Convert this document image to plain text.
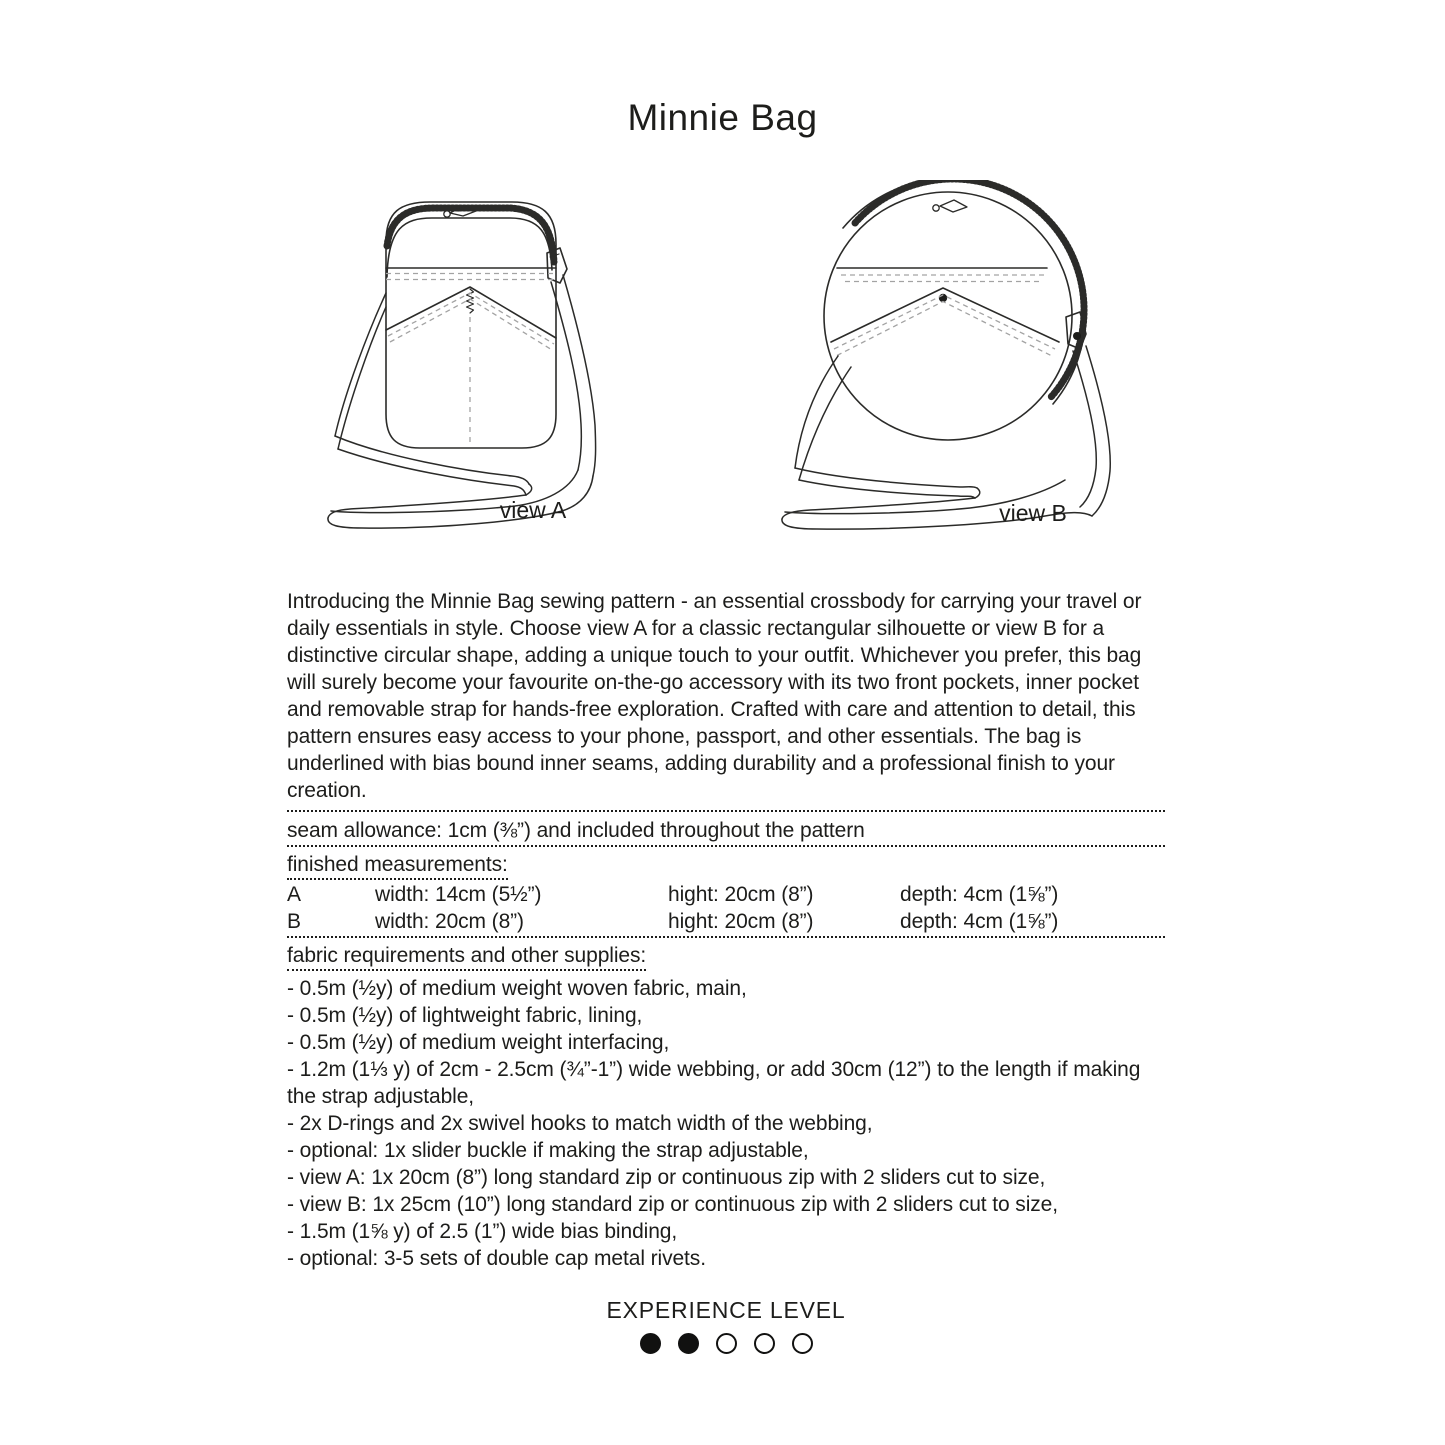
Minnie Bag
view A	view B
Introducing the Minnie Bag sewing pattern - an essential crossbody for carrying your travel or daily essentials in style. Choose view A for a classic rectangular silhouette or view B for a distinctive circular shape, adding a unique touch to your outfit. Whichever you prefer, this bag will surely become your favourite on-the-go accessory with its two front pockets, inner pocket and removable strap for hands-free exploration. Crafted with care and attention to detail, this pattern ensures easy access to your phone, passport, and other essentials. The bag is underlined with bias bound inner seams, adding durability and a professional finish to your creation.
seam allowance: 1cm (⅜”) and included throughout the pattern
finished measurements:
A	width: 14cm (5½”)	hight: 20cm (8”)	depth: 4cm (1⅝”)
B	width: 20cm (8”)	hight: 20cm (8”)	depth: 4cm (1⅝”)
fabric requirements and other supplies:
- 0.5m (½y) of medium weight woven fabric, main,
- 0.5m (½y) of lightweight fabric, lining,
- 0.5m (½y) of medium weight interfacing,
- 1.2m (1⅓ y) of 2cm - 2.5cm (¾”-1”) wide webbing, or add 30cm (12”) to the length if making the strap adjustable,
- 2x D-rings and 2x swivel hooks to match width of the webbing,
- optional: 1x slider buckle if making the strap adjustable,
- view A: 1x 20cm (8”) long standard zip or continuous zip with 2 sliders cut to size,
- view B: 1x 25cm (10”) long standard zip or continuous zip with 2 sliders cut to size,
- 1.5m (1⅝ y) of 2.5 (1”) wide bias binding,
- optional: 3-5 sets of double cap metal rivets.
EXPERIENCE LEVEL
